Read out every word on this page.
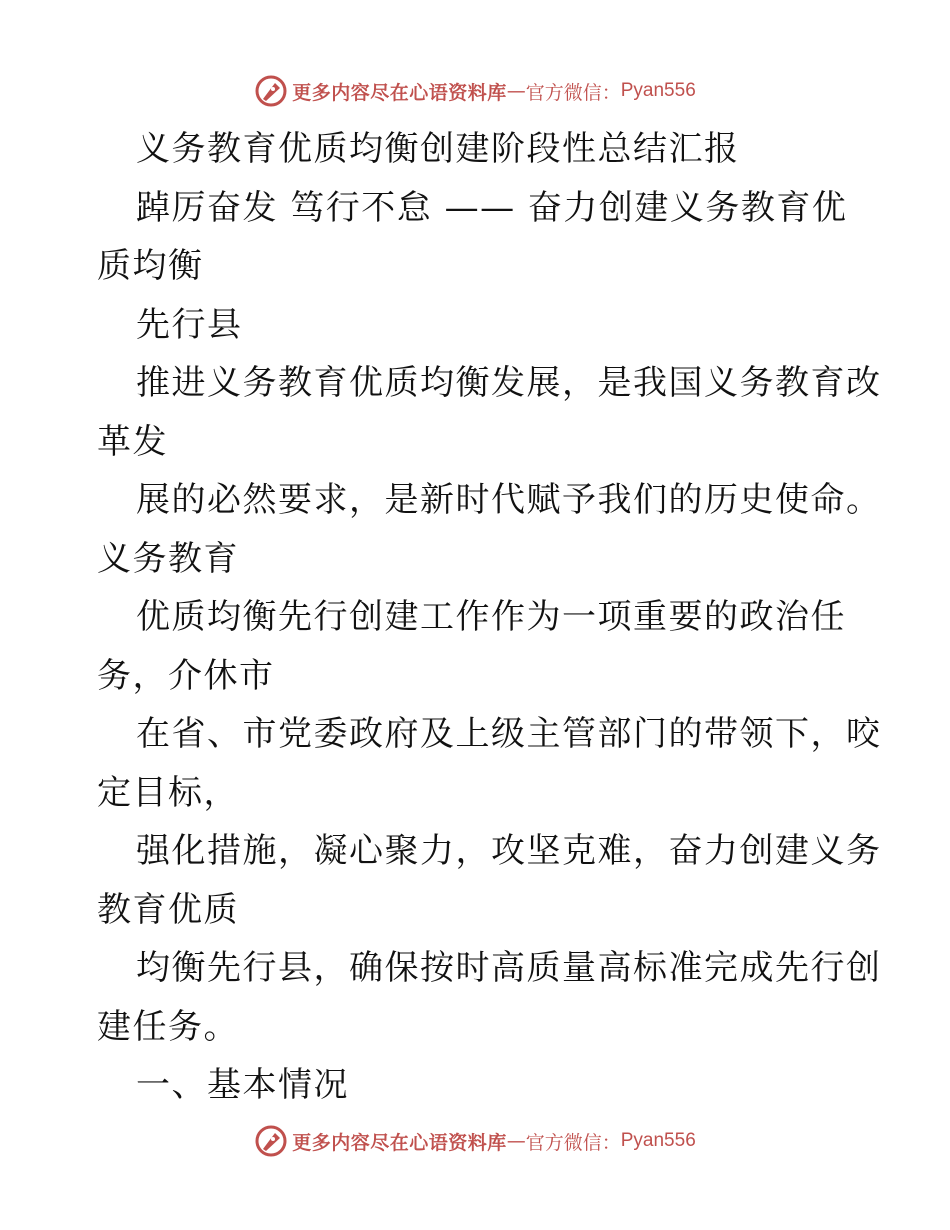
更多内容尽在心语资料库 — 官方微信： Pyan556
义务教育优质均衡创建阶段性总结汇报
踔厉奋发 笃行不怠 —— 奋力创建义务教育优
质均衡
先行县
推进义务教育优质均衡发展，是我国义务教育改
革发
展的必然要求，是新时代赋予我们的历史使命。
义务教育
优质均衡先行创建工作作为一项重要的政治任
务，介休市
在省、市党委政府及上级主管部门的带领下，咬
定目标，
强化措施，凝心聚力，攻坚克难，奋力创建义务
教育优质
均衡先行县，确保按时高质量高标准完成先行创
建任务。
一、基本情况
更多内容尽在心语资料库 — 官方微信： Pyan556
